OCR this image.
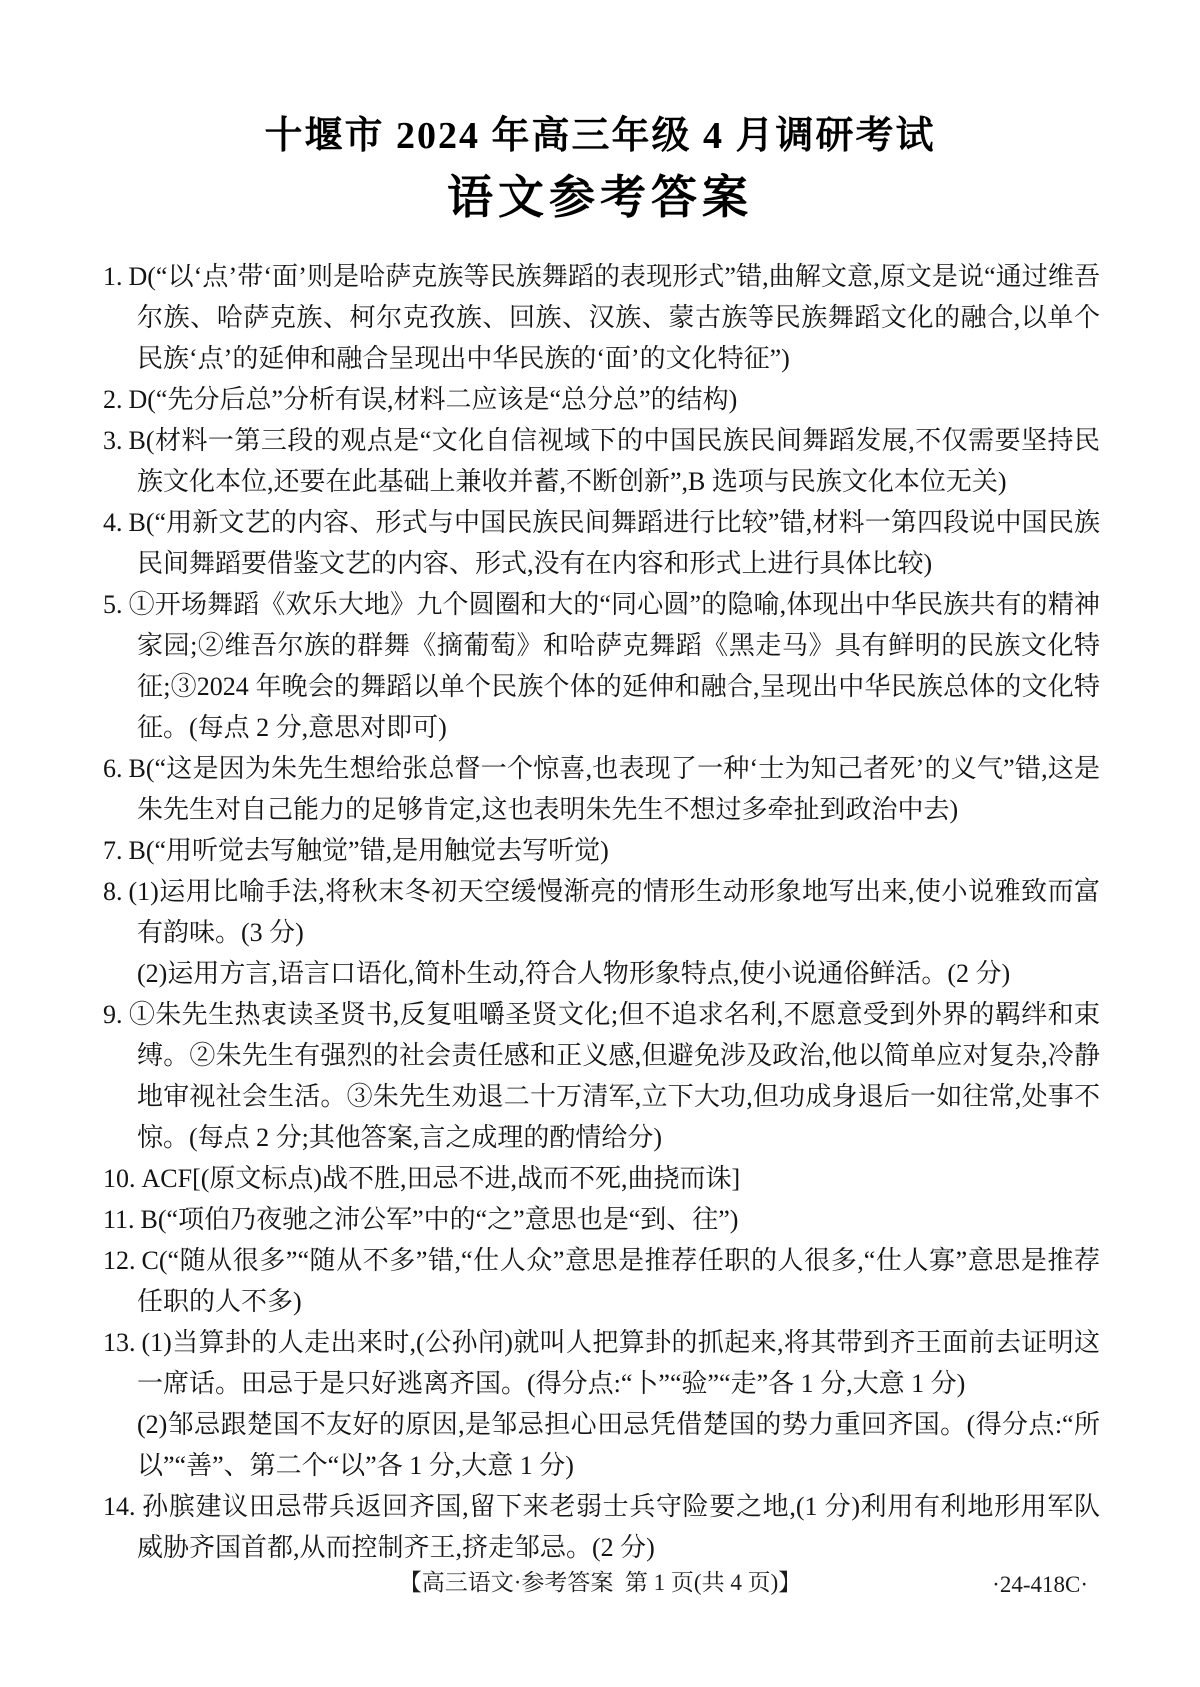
十堰市 2024 年高三年级 4 月调研考试
语文参考答案
1. D(“以‘点’带‘面’则是哈萨克族等民族舞蹈的表现形式”错,曲解文意,原文是说“通过维吾尔族、哈萨克族、柯尔克孜族、回族、汉族、蒙古族等民族舞蹈文化的融合,以单个民族‘点’的延伸和融合呈现出中华民族的‘面’的文化特征”)
2. D(“先分后总”分析有误,材料二应该是“总分总”的结构)
3. B(材料一第三段的观点是“文化自信视域下的中国民族民间舞蹈发展,不仅需要坚持民族文化本位,还要在此基础上兼收并蓄,不断创新”,B 选项与民族文化本位无关)
4. B(“用新文艺的内容、形式与中国民族民间舞蹈进行比较”错,材料一第四段说中国民族民间舞蹈要借鉴文艺的内容、形式,没有在内容和形式上进行具体比较)
5. ①开场舞蹈《欢乐大地》九个圆圈和大的“同心圆”的隐喻,体现出中华民族共有的精神家园;②维吾尔族的群舞《摘葡萄》和哈萨克舞蹈《黑走马》具有鲜明的民族文化特征;③2024 年晚会的舞蹈以单个民族个体的延伸和融合,呈现出中华民族总体的文化特征。(每点 2 分,意思对即可)
6. B(“这是因为朱先生想给张总督一个惊喜,也表现了一种‘士为知己者死’的义气”错,这是朱先生对自己能力的足够肯定,这也表明朱先生不想过多牵扯到政治中去)
7. B(“用听觉去写触觉”错,是用触觉去写听觉)
8. (1)运用比喻手法,将秋末冬初天空缓慢渐亮的情形生动形象地写出来,使小说雅致而富有韵味。(3 分)
(2)运用方言,语言口语化,简朴生动,符合人物形象特点,使小说通俗鲜活。(2 分)
9. ①朱先生热衷读圣贤书,反复咀嚼圣贤文化;但不追求名利,不愿意受到外界的羁绊和束缚。②朱先生有强烈的社会责任感和正义感,但避免涉及政治,他以简单应对复杂,冷静地审视社会生活。③朱先生劝退二十万清军,立下大功,但功成身退后一如往常,处事不惊。(每点 2 分;其他答案,言之成理的酌情给分)
10. ACF[(原文标点)战不胜,田忌不进,战而不死,曲挠而诛]
11. B(“项伯乃夜驰之沛公军”中的“之”意思也是“到、往”)
12. C(“随从很多”“随从不多”错,“仕人众”意思是推荐任职的人很多,“仕人寡”意思是推荐任职的人不多)
13. (1)当算卦的人走出来时,(公孙闬)就叫人把算卦的抓起来,将其带到齐王面前去证明这一席话。田忌于是只好逃离齐国。(得分点:“卜”“验”“走”各 1 分,大意 1 分)
(2)邹忌跟楚国不友好的原因,是邹忌担心田忌凭借楚国的势力重回齐国。(得分点:“所以”“善”、第二个“以”各 1 分,大意 1 分)
14. 孙膑建议田忌带兵返回齐国,留下来老弱士兵守险要之地,(1 分)利用有利地形用军队威胁齐国首都,从而控制齐王,挤走邹忌。(2 分)
【高三语文·参考答案  第 1 页(共 4 页)】	·24-418C·
